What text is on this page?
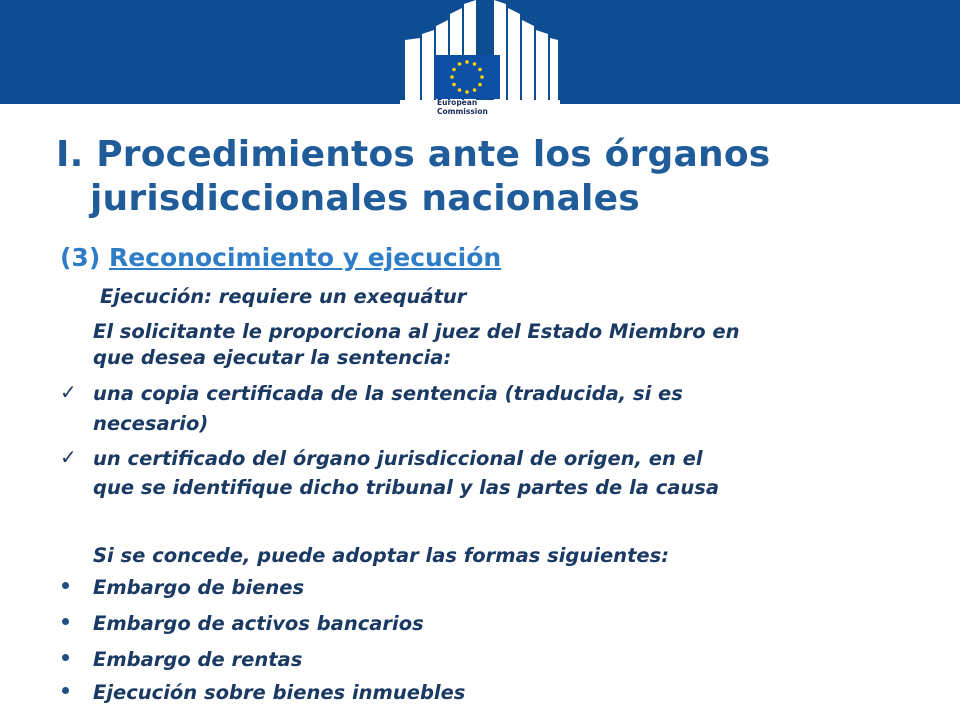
European
Commission
I. Procedimientos ante los órganos
jurisdiccionales nacionales
(3) Reconocimiento y ejecución
Ejecución: requiere un exequátur
El solicitante le proporciona al juez del Estado Miembro en
que desea ejecutar la sentencia:
✓ una copia certificada de la sentencia (traducida, si es
necesario)
✓ un certificado del órgano jurisdiccional de origen, en el
que se identifique dicho tribunal y las partes de la causa
Si se concede, puede adoptar las formas siguientes:
Embargo de bienes
Embargo de activos bancarios
Embargo de rentas
Ejecución sobre bienes inmuebles
